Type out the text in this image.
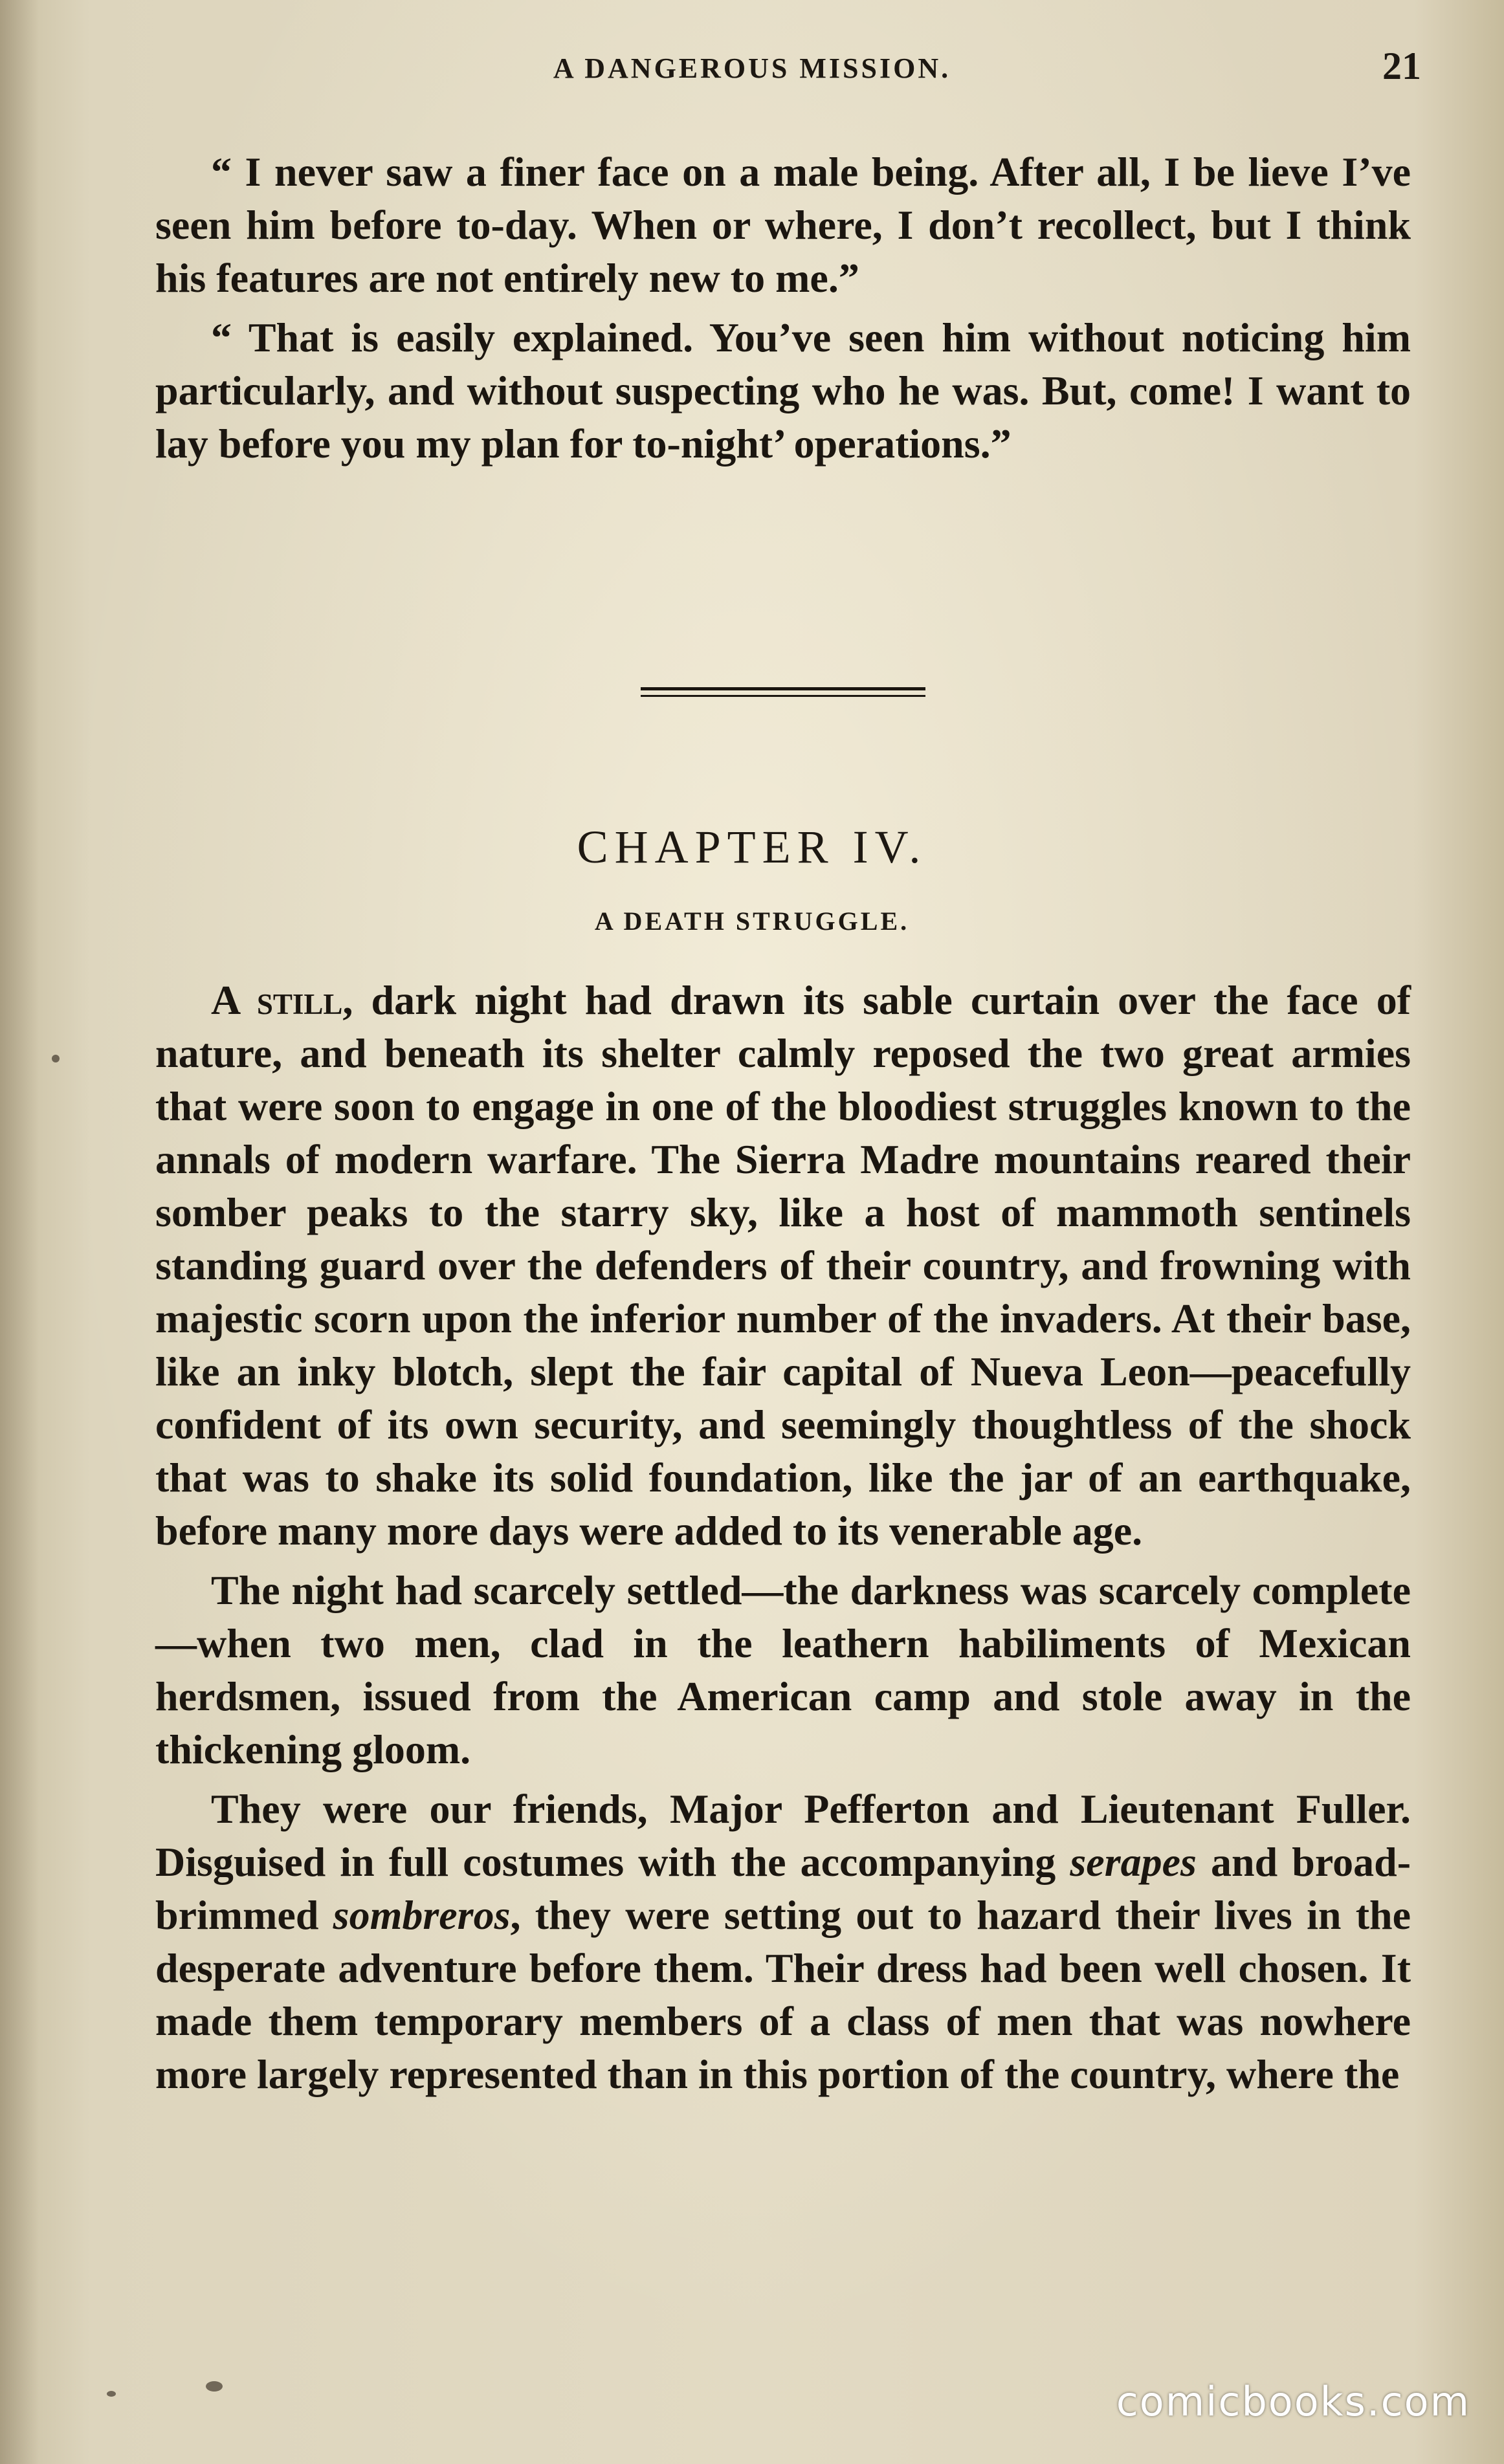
A DANGEROUS MISSION.	21

“ I never saw a finer face on a male being. After all, I be lieve I’ve seen him before to-day. When or where, I don’t recollect, but I think his features are not entirely new to me.”

“ That is easily explained. You’ve seen him without noticing him particularly, and without suspecting who he was. But, come! I want to lay before you my plan for to-night’ operations.”

CHAPTER IV.
A DEATH STRUGGLE.

A still, dark night had drawn its sable curtain over the face of nature, and beneath its shelter calmly reposed the two great armies that were soon to engage in one of the bloodiest struggles known to the annals of modern warfare. The Sierra Madre mountains reared their somber peaks to the starry sky, like a host of mammoth sentinels standing guard over the defenders of their country, and frowning with majestic scorn upon the inferior number of the invaders. At their base, like an inky blotch, slept the fair capital of Nueva Leon—peacefully confident of its own security, and seemingly thoughtless of the shock that was to shake its solid foundation, like the jar of an earthquake, before many more days were added to its venerable age.

The night had scarcely settled—the darkness was scarcely complete—when two men, clad in the leathern habiliments of Mexican herdsmen, issued from the American camp and stole away in the thickening gloom.

They were our friends, Major Pefferton and Lieutenant Fuller. Disguised in full costumes with the accompanying serapes and broad-brimmed sombreros, they were setting out to hazard their lives in the desperate adventure before them. Their dress had been well chosen. It made them temporary members of a class of men that was nowhere more largely represented than in this portion of the country, where the

comicbooks.com
